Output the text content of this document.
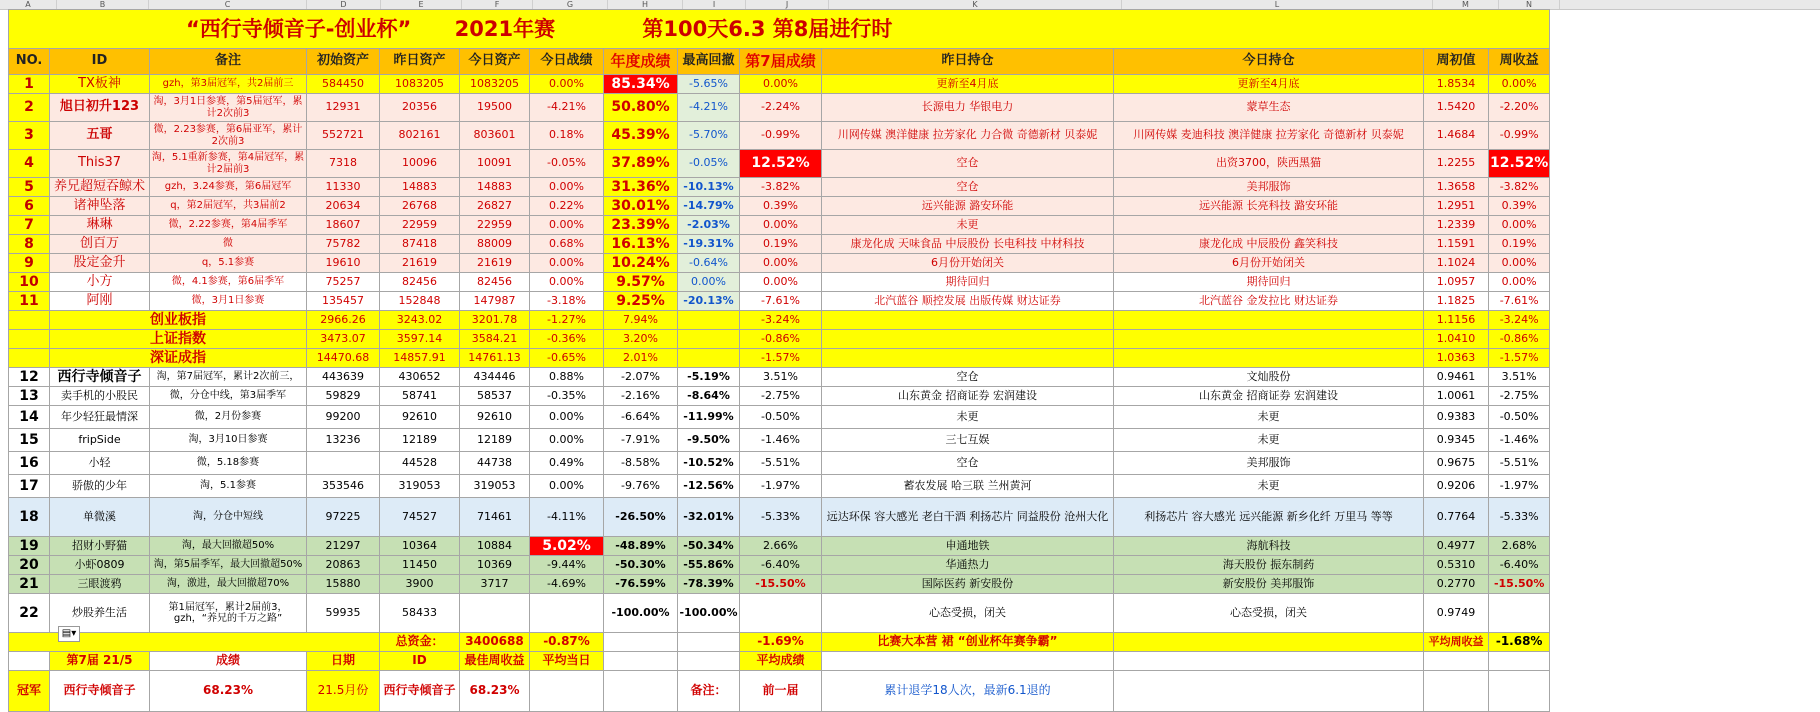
A	B	C	D	E	F	G	H	I	J	K	L	M	N
“西行寺倾音子-创业杯” 2021年赛 第100天6.3 第8届进行时													
NO.	ID	备注	初始资产	昨日资产	今日资产	今日战绩	年度成绩	最高回撤	第7届成绩	昨日持仓	今日持仓	周初值	周收益
1	TX板神	gzh，第3届冠军，共2届前三	584450	1083205	1083205	0.00%	85.34%	-5.65%	0.00%	更新至4月底	更新至4月底	1.8534	0.00%
2	旭日初升123	淘，3月1日参赛，第5届冠军，累计2次前3	12931	20356	19500	-4.21%	50.80%	-4.21%	-2.24%	长源电力 华银电力	蒙草生态	1.5420	-2.20%
3	五哥	微，2.23参赛，第6届亚军，累计2次前3	552721	802161	803601	0.18%	45.39%	-5.70%	-0.99%	川网传媒 澳洋健康 拉芳家化 力合微 奇德新材 贝泰妮	川网传媒 麦迪科技 澳洋健康 拉芳家化 奇德新材 贝泰妮	1.4684	-0.99%
4	This37	淘，5.1重新参赛，第4届冠军，累计2届前3	7318	10096	10091	-0.05%	37.89%	-0.05%	12.52%	空仓	出资3700，陕西黑猫	1.2255	12.52%
5	养兄超短吞鲸术	gzh，3.24参赛，第6届冠军	11330	14883	14883	0.00%	31.36%	-10.13%	-3.82%	空仓	美邦服饰	1.3658	-3.82%
6	诸神坠落	q，第2届冠军，共3届前2	20634	26768	26827	0.22%	30.01%	-14.79%	0.39%	远兴能源 潞安环能	远兴能源 长亮科技 潞安环能	1.2951	0.39%
7	琳琳	微，2.22参赛，第4届季军	18607	22959	22959	0.00%	23.39%	-2.03%	0.00%	未更		1.2339	0.00%
8	创百万	微	75782	87418	88009	0.68%	16.13%	-19.31%	0.19%	康龙化成 天味食品 中辰股份 长电科技 中材科技	康龙化成 中辰股份 鑫笑科技	1.1591	0.19%
9	股定金升	q，5.1参赛	19610	21619	21619	0.00%	10.24%	-0.64%	0.00%	6月份开始闭关	6月份开始闭关	1.1024	0.00%
10	小方	微，4.1参赛，第6届季军	75257	82456	82456	0.00%	9.57%	0.00%	0.00%	期待回归	期待回归	1.0957	0.00%
11	阿刚	微，3月1日参赛	135457	152848	147987	-3.18%	9.25%	-20.13%	-7.61%	北汽蓝谷 顺控发展 出版传媒 财达证券	北汽蓝谷 金发拉比 财达证券	1.1825	-7.61%
	创业板指		2966.26	3243.02	3201.78	-1.27%	7.94%		-3.24%			1.1156	-3.24%
	上证指数		3473.07	3597.14	3584.21	-0.36%	3.20%		-0.86%			1.0410	-0.86%
	深证成指		14470.68	14857.91	14761.13	-0.65%	2.01%		-1.57%			1.0363	-1.57%
12	西行寺倾音子	淘，第7届冠军，累计2次前三，	443639	430652	434446	0.88%	-2.07%	-5.19%	3.51%	空仓	文灿股份	0.9461	3.51%
13	卖手机的小股民	微，分仓中线，第3届季军	59829	58741	58537	-0.35%	-2.16%	-8.64%	-2.75%	山东黄金 招商证券 宏润建设	山东黄金 招商证券 宏润建设	1.0061	-2.75%
14	年少轻狂最情深	微，2月份参赛	99200	92610	92610	0.00%	-6.64%	-11.99%	-0.50%	未更	未更	0.9383	-0.50%
15	fripSide	淘，3月10日参赛	13236	12189	12189	0.00%	-7.91%	-9.50%	-1.46%	三七互娱	未更	0.9345	-1.46%
16	小轻	微，5.18参赛		44528	44738	0.49%	-8.58%	-10.52%	-5.51%	空仓	美邦服饰	0.9675	-5.51%
17	骄傲的少年	淘，5.1参赛	353546	319053	319053	0.00%	-9.76%	-12.56%	-1.97%	蓄农发展 哈三联 兰州黄河	未更	0.9206	-1.97%
18	单微溪	淘，分仓中短线	97225	74527	71461	-4.11%	-26.50%	-32.01%	-5.33%	远达环保 容大感光 老白干酒 利扬芯片 同益股份 沧州大化	利扬芯片 容大感光 远兴能源 新乡化纤 万里马 等等	0.7764	-5.33%
19	招财小野猫	淘，最大回撤超50%	21297	10364	10884	5.02%	-48.89%	-50.34%	2.66%	申通地铁	海航科技	0.4977	2.68%
20	小虾0809	淘，第5届季军，最大回撤超50%	20863	11450	10369	-9.44%	-50.30%	-55.86%	-6.40%	华通热力	海天股份 振东制药	0.5310	-6.40%
21	三眼渡鸦	淘，激进，最大回撤超70%	15880	3900	3717	-4.69%	-76.59%	-78.39%	-15.50%	国际医药 新安股份	新安股份 美邦服饰	0.2770	-15.50%
22	炒股养生活	第1届冠军，累计2届前3，gzh，“养兄的千万之路”	59935	58433			-100.00%	-100.00%		心态受损，闭关	心态受损，闭关	0.9749	
				总资金：	3400688	-0.87%			-1.69%	比赛大本营 裙 “创业杯年赛争霸”		平均周收益	-1.68%
	第7届 21/5	成绩	日期	ID	最佳周收益	平均当日			平均成绩				
冠军	西行寺倾音子	68.23%	21.5月份	西行寺倾音子	68.23%			备注：	前一届	累计退学18人次，最新6.1退的			
▤▾
